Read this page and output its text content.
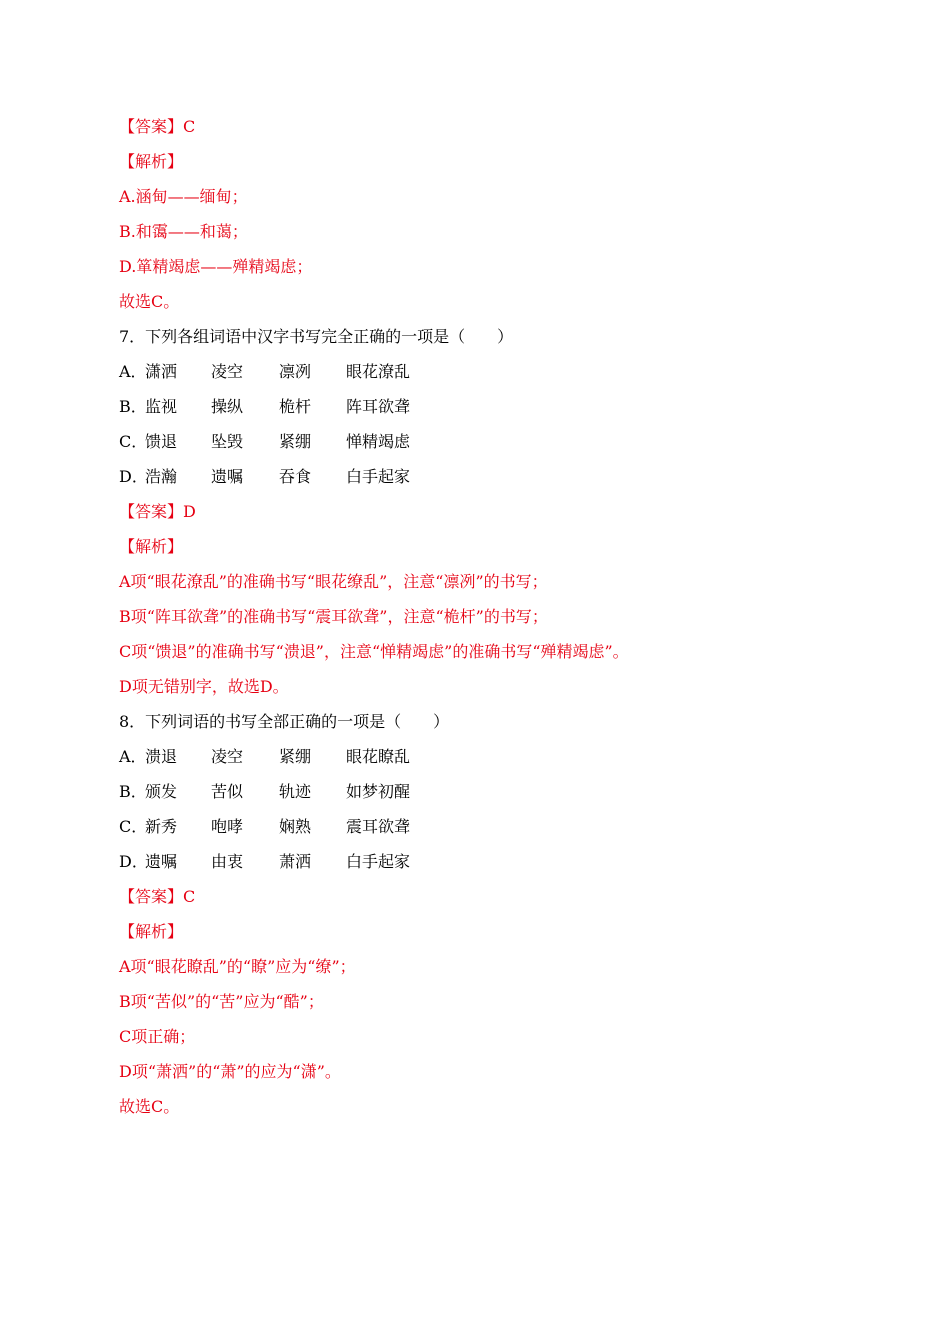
【答案】C
【解析】
A.涵甸——缅甸；
B.和霭——和蔼；
D.箪精竭虑——殚精竭虑；
故选C。
7．下列各组词语中汉字书写完全正确的一项是（　　）
A．
潇洒 凌空 凛冽 眼花潦乱
B．
监视 操纵 桅杆 阵耳欲聋
C．
馈退 坠毁 紧绷 惮精竭虑
D．
浩瀚 遗嘱 吞食 白手起家
【答案】D
【解析】
A项“眼花潦乱”的准确书写“眼花缭乱”，注意“凛冽”的书写；
B项“阵耳欲聋”的准确书写“震耳欲聋”，注意“桅杆”的书写；
C项“馈退”的准确书写“溃退”，注意“惮精竭虑”的准确书写“殚精竭虑”。
D项无错别字，故选D。
8．下列词语的书写全部正确的一项是（　　）
A．
溃退 凌空 紧绷 眼花瞭乱
B．
颁发 苦似 轨迹 如梦初醒
C．
新秀 咆哮 娴熟 震耳欲聋
D．
遗嘱 由衷 萧洒 白手起家
【答案】C
【解析】
A项“眼花瞭乱”的“瞭”应为“缭”；
B项“苦似”的“苦”应为“酷”；
C项正确；
D项“萧洒”的“萧”的应为“潇”。
故选C。
